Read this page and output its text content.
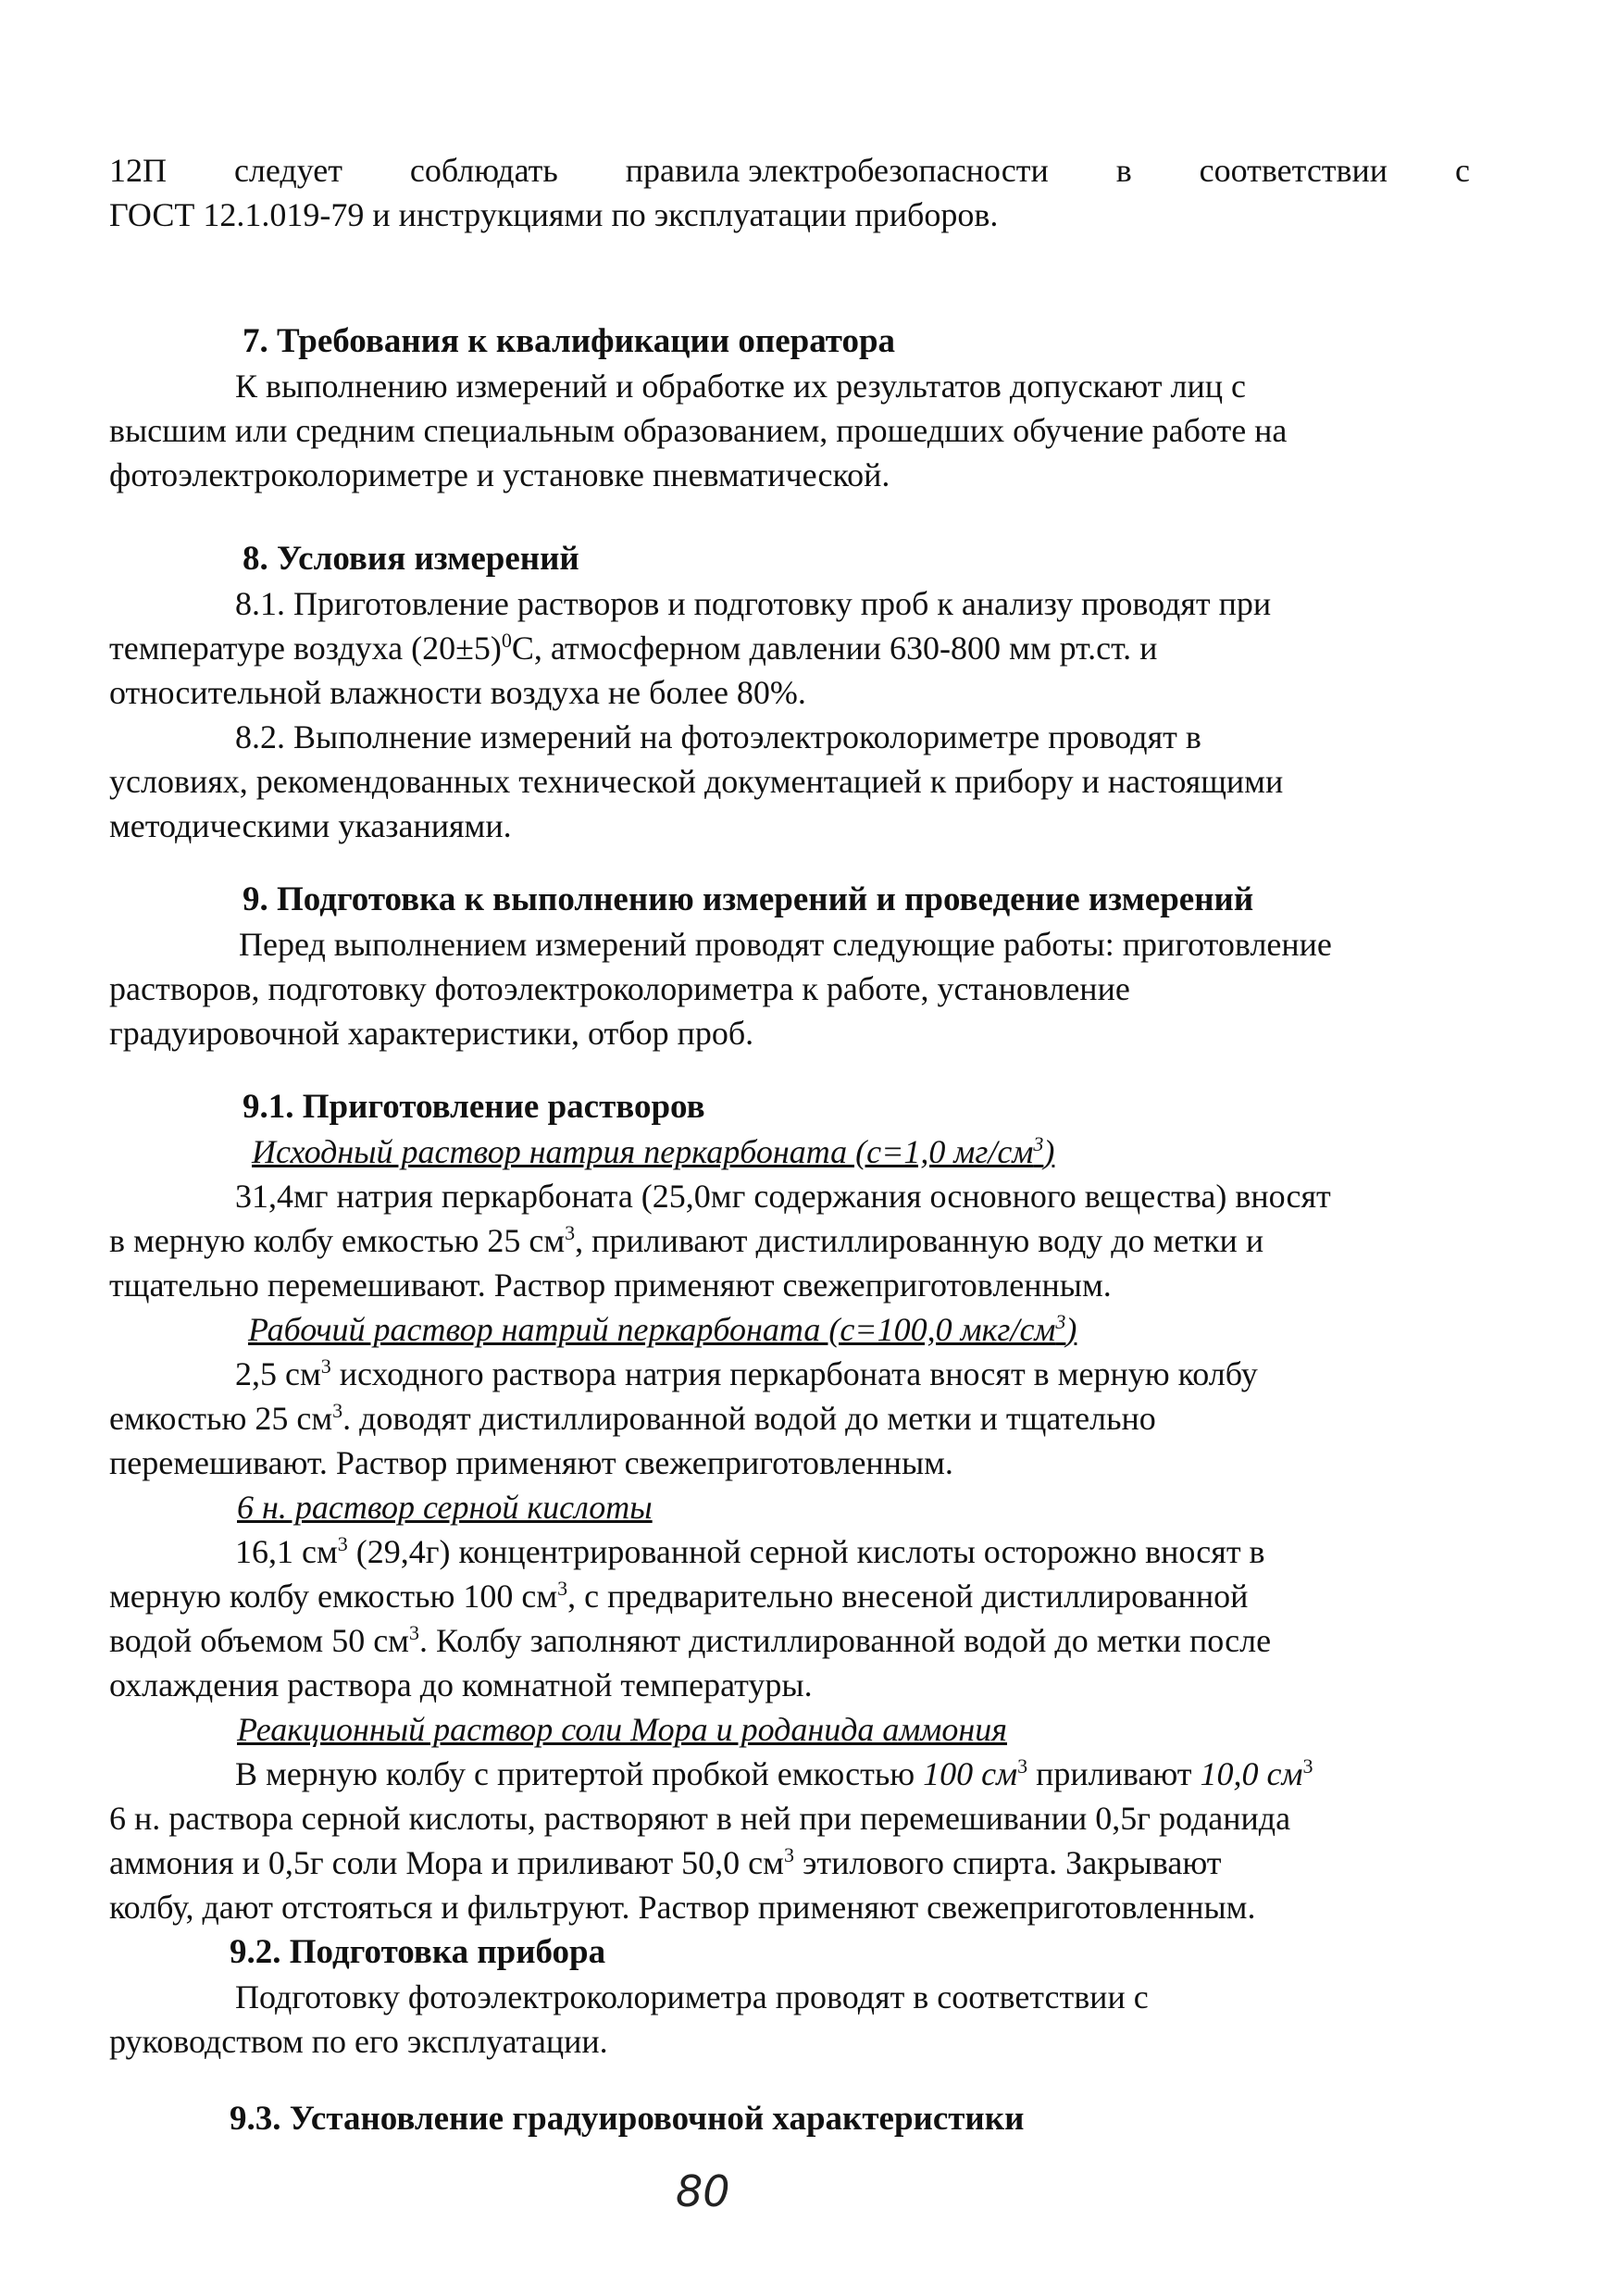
12П следует соблюдать правила электробезопасности в соответствии с
ГОСТ 12.1.019-79 и инструкциями по эксплуатации приборов.
7. Требования к квалификации оператора
К выполнению измерений и обработке их результатов допускают лиц с
высшим или средним специальным образованием, прошедших обучение работе на
фотоэлектроколориметре и установке пневматической.
8. Условия измерений
8.1. Приготовление растворов и подготовку проб к анализу проводят при
температуре воздуха $(20\pm 5)^0C$, атмосферном давлении 630-800 мм рт.ст. и
относительной влажности воздуха не более 80%.
8.2. Выполнение измерений на фотоэлектроколориметре проводят в
условиях, рекомендованных технической документацией к прибору и настоящими
методическими указаниями.
9. Подготовка к выполнению измерений и проведение измерений
Перед выполнением измерений проводят следующие работы: приготовление
растворов, подготовку фотоэлектроколориметра к работе, установление
градуировочной характеристики, отбор проб.
9.1. Приготовление растворов
Исходный раствор натрия перкарбоната (с=1,0 $мг/см^3$)
31,4мг натрия перкарбоната (25,0мг содержания основного вещества) вносят
в мерную колбу емкостью 25 $см^3$, приливают дистиллированную воду до метки и
тщательно перемешивают. Раствор применяют свежеприготовленным.
Рабочий раствор натрий перкарбоната (с=100,0 мкг/$см^3$)
2,5 $см^3$ исходного раствора натрия перкарбоната вносят в мерную колбу
емкостью 25 $см^3$. доводят дистиллированной водой до метки и тщательно
перемешивают. Раствор применяют свежеприготовленным.
6 н. раствор серной кислоты
16,1 $см^3$ (29,4г) концентрированной серной кислоты осторожно вносят в
мерную колбу емкостью 100 $см^3$, с предварительно внесеной дистиллированной
водой объемом 50 $см^3$. Колбу заполняют дистиллированной водой до метки после
охлаждения раствора до комнатной температуры.
Реакционный раствор соли Мора и роданида аммония
В мерную колбу с притертой пробкой емкостью 100 $см^3$ приливают 10,0 $см^3$
6 н. раствора серной кислоты, растворяют в ней при перемешивании 0,5г роданида
аммония и 0,5г соли Мора и приливают 50,0 $см^3$ этилового спирта. Закрывают
колбу, дают отстояться и фильтруют. Раствор применяют свежеприготовленным.
9.2. Подготовка прибора
Подготовку фотоэлектроколориметра проводят в соответствии с
руководством по его эксплуатации.
9.3. Установление градуировочной характеристики
80
